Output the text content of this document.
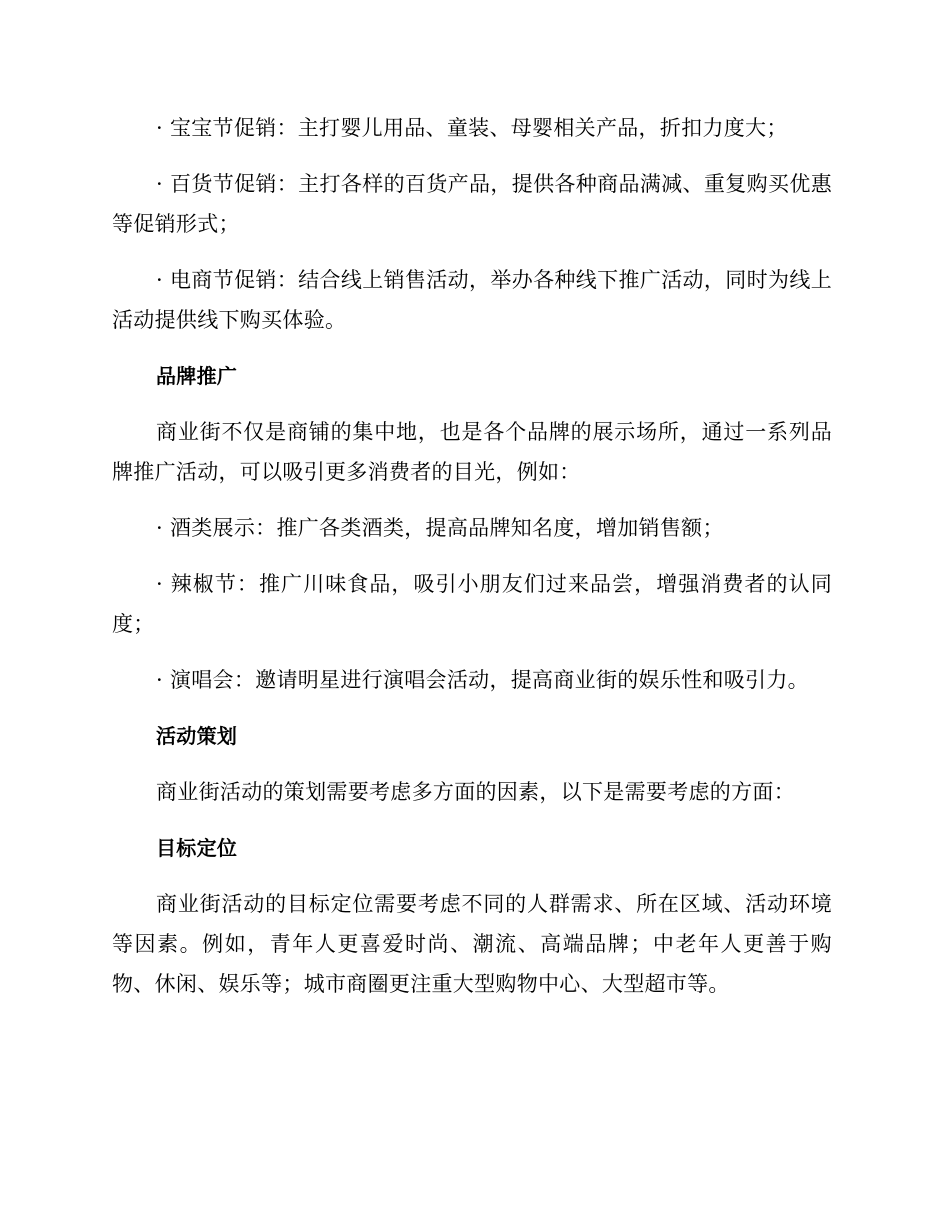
· 宝宝节促销：主打婴儿用品、童装、母婴相关产品，折扣力度大；

· 百货节促销：主打各样的百货产品，提供各种商品满减、重复购买优惠等促销形式；

· 电商节促销：结合线上销售活动，举办各种线下推广活动，同时为线上活动提供线下购买体验。

品牌推广

商业街不仅是商铺的集中地，也是各个品牌的展示场所，通过一系列品牌推广活动，可以吸引更多消费者的目光，例如：

· 酒类展示：推广各类酒类，提高品牌知名度，增加销售额；

· 辣椒节：推广川味食品，吸引小朋友们过来品尝，增强消费者的认同度；

· 演唱会：邀请明星进行演唱会活动，提高商业街的娱乐性和吸引力。

活动策划

商业街活动的策划需要考虑多方面的因素，以下是需要考虑的方面：

目标定位

商业街活动的目标定位需要考虑不同的人群需求、所在区域、活动环境等因素。例如，青年人更喜爱时尚、潮流、高端品牌；中老年人更善于购物、休闲、娱乐等；城市商圈更注重大型购物中心、大型超市等。
